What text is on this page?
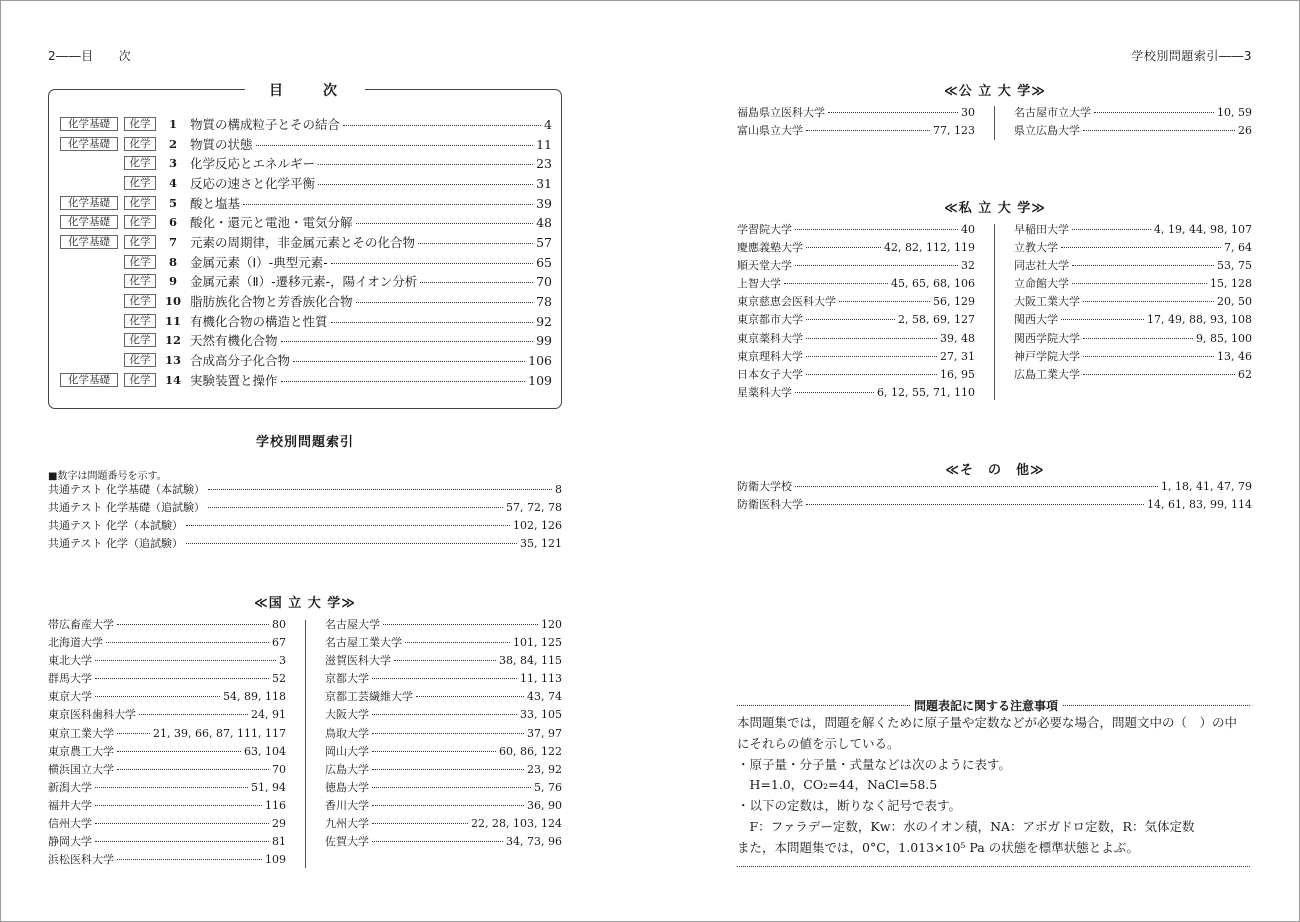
2――目　　次
目　　次
化学基礎	化学	1	物質の構成粒子とその結合	4
化学基礎	化学	2	物質の状態	11
化学	3	化学反応とエネルギー	23
化学	4	反応の速さと化学平衡	31
化学基礎	化学	5	酸と塩基	39
化学基礎	化学	6	酸化・還元と電池・電気分解	48
化学基礎	化学	7	元素の周期律，非金属元素とその化合物	57
化学	8	金属元素（Ⅰ）-典型元素-	65
化学	9	金属元素（Ⅱ）-遷移元素-，陽イオン分析	70
化学	10 脂肪族化合物と芳香族化合物	78
化学	11 有機化合物の構造と性質	92
化学	12 天然有機化合物	99
化学	13 合成高分子化合物	106
化学基礎	化学	14 実験装置と操作	109
学校別問題索引
■数字は問題番号を示す。
共通テスト 化学基礎（本試験）	8
共通テスト 化学基礎（追試験）	57, 72, 78
共通テスト 化学（本試験）	102, 126
共通テスト 化学（追試験）	35, 121
≪国 立 大 学≫
帯広畜産大学	80
北海道大学	67
東北大学	3
群馬大学	52
東京大学	54, 89, 118
東京医科歯科大学	24, 91
東京工業大学	21, 39, 66, 87, 111, 117
東京農工大学	63, 104
横浜国立大学	70
新潟大学	51, 94
福井大学	116
信州大学	29
静岡大学	81
浜松医科大学	109
名古屋大学	120
名古屋工業大学	101, 125
滋賀医科大学	38, 84, 115
京都大学	11, 113
京都工芸繊維大学	43, 74
大阪大学	33, 105
鳥取大学	37, 97
岡山大学	60, 86, 122
広島大学	23, 92
徳島大学	5, 76
香川大学	36, 90
九州大学	22, 28, 103, 124
佐賀大学	34, 73, 96
学校別問題索引――3
≪公 立 大 学≫
福島県立医科大学	30
富山県立大学	77, 123
名古屋市立大学	10, 59
県立広島大学	26
≪私 立 大 学≫
学習院大学	40
慶應義塾大学	42, 82, 112, 119
順天堂大学	32
上智大学	45, 65, 68, 106
東京慈恵会医科大学	56, 129
東京都市大学	2, 58, 69, 127
東京薬科大学	39, 48
東京理科大学	27, 31
日本女子大学	16, 95
星薬科大学	6, 12, 55, 71, 110
早稲田大学	4, 19, 44, 98, 107
立教大学	7, 64
同志社大学	53, 75
立命館大学	15, 128
大阪工業大学	20, 50
関西大学	17, 49, 88, 93, 108
関西学院大学	9, 85, 100
神戸学院大学	13, 46
広島工業大学	62
≪そ　の　他≫
防衛大学校	1, 18, 41, 47, 79
防衛医科大学	14, 61, 83, 99, 114
問題表記に関する注意事項
本問題集では，問題を解くために原子量や定数などが必要な場合，問題文中の（　）の中
にそれらの値を示している。
・原子量・分子量・式量などは次のように表す。
　H=1.0，CO₂=44，NaCl=58.5
・以下の定数は，断りなく記号で表す。
　F：ファラデー定数，Kw：水のイオン積，NA：アボガドロ定数，R：気体定数
また，本問題集では，0°C，1.013×10⁵ Pa の状態を標準状態とよぶ。
